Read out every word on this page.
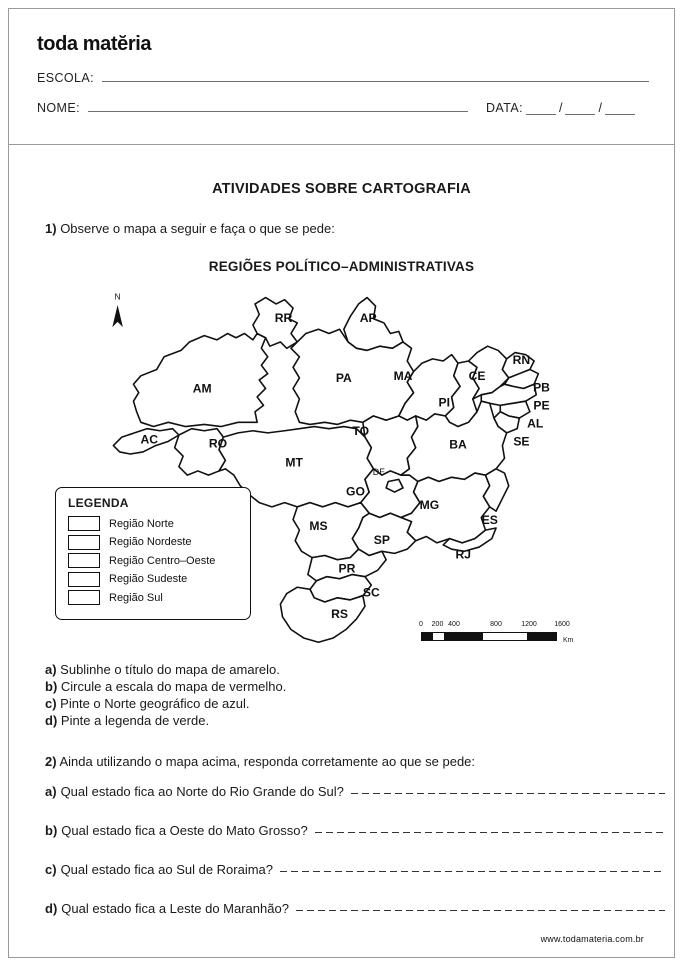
toda matĕria
ESCOLA:
NOME:	DATA:	/	/
ATIVIDADES SOBRE CARTOGRAFIA
1) Observe o mapa a seguir e faça o que se pede:
REGIÕES POLÍTICO–ADMINISTRATIVAS
N
AM
RR	AP
PA
AC	RO
MT
TO
MA
PI
CE
RN
PB
PE
AL
SE
BA
GO
DF
MG
ES
RJ
SP
MS
PR
SC
RS
LEGENDA
Região Norte
Região Nordeste
Região Centro–Oeste
Região Sudeste
Região Sul
0 200 400	800	1200 1600
Km
a) Sublinhe o título do mapa de amarelo.
b) Circule a escala do mapa de vermelho.
c) Pinte o Norte geográfico de azul.
d) Pinte a legenda de verde.
2) Ainda utilizando o mapa acima, responda corretamente ao que se pede:
a) Qual estado fica ao Norte do Rio Grande do Sul?
b) Qual estado fica a Oeste do Mato Grosso?
c) Qual estado fica ao Sul de Roraima?
d) Qual estado fica a Leste do Maranhão?
www.todamateria.com.br
